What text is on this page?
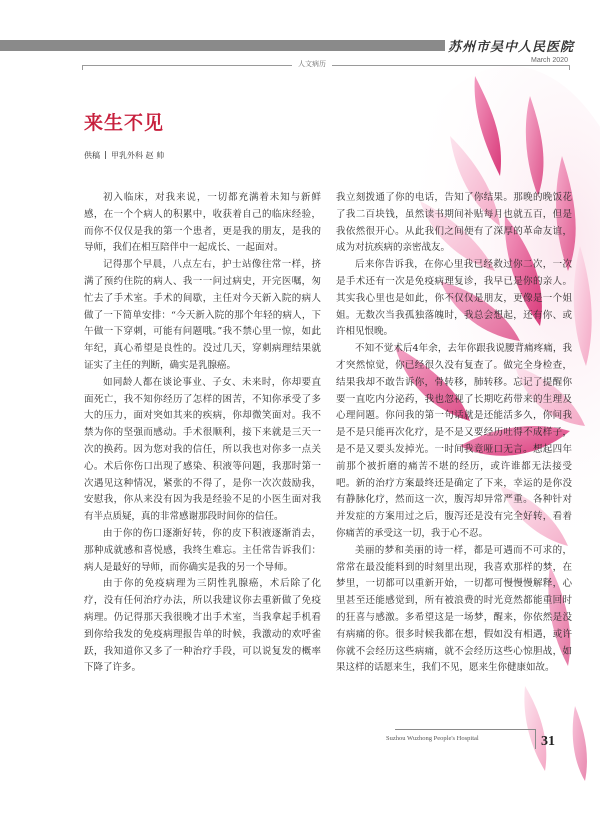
苏州市吴中人民医院
March 2020
人文病历
来生不见
供稿 甲乳外科 赵 帅

初入临床，对我来说，一切都充满着未知与新鲜感，在一个个病人的积累中，收获着自己的临床经验，而你不仅仅是我的第一个患者，更是我的朋友，是我的导师，我们在相互陪伴中一起成长、一起面对。

记得那个早晨，八点左右，护士站像往常一样，挤满了预约住院的病人、我一一问过病史，开完医嘱，匆忙去了手术室。手术的间歇，主任对今天新入院的病人做了一下简单安排：“今天新入院的那个年轻的病人，下午做一下穿刺，可能有问题哦。”我不禁心里一惊，如此年纪，真心希望是良性的。没过几天，穿刺病理结果就证实了主任的判断，确实是乳腺癌。

如同龄人都在谈论事业、子女、未来时，你却要直面死亡，我不知你经历了怎样的困苦，不知你承受了多大的压力，面对突如其来的疾病，你却微笑面对。我不禁为你的坚强而感动。手术很顺利，接下来就是三天一次的换药。因为您对我的信任，所以我也对你多一点关心。术后你伤口出现了感染、积液等问题，我那时第一次遇见这种情况，紧张的不得了，是你一次次鼓励我，安慰我，你从来没有因为我是经验不足的小医生面对我有半点质疑，真的非常感谢那段时间你的信任。

由于你的伤口逐渐好转，你的皮下积液逐渐消去，那种成就感和喜悦感，我终生难忘。主任常告诉我们：病人是最好的导师，而你确实是我的另一个导师。

由于你的免疫病理为三阴性乳腺癌，术后除了化疗，没有任何治疗办法，所以我建议你去重新做了免疫病理。仍记得那天我很晚才出手术室，当我拿起手机看到你给我发的免疫病理报告单的时候，我激动的欢呼雀跃，我知道你又多了一种治疗手段，可以说复发的概率下降了许多。

我立刻拨通了你的电话，告知了你结果。那晚的晚饭花了我二百块钱，虽然读书期间补贴每月也就五百，但是我依然很开心。从此我们之间便有了深厚的革命友谊，成为对抗疾病的亲密战友。

后来你告诉我，在你心里我已经救过你二次，一次是手术还有一次是免疫病理复诊，我早已是你的亲人。其实我心里也是如此，你不仅仅是朋友，更像是一个姐姐。无数次当我孤独落魄时，我总会想起，还有你、或许相见恨晚。

不知不觉术后4年余，去年你跟我说腰背痛疼痛，我才突然惊觉，你已经很久没有复查了。做完全身检查，结果我却不敢告诉你，骨转移，肺转移。忘记了提醒你要一直吃内分泌药，我也忽视了长期吃药带来的生理及心理问题。你问我的第一句话就是还能活多久，你问我是不是只能再次化疗，是不是又要经历吐得不成样子，是不是又要头发掉光。一时间我竟哑口无言。想起四年前那个被折磨的痛苦不堪的经历，或许谁都无法接受吧。新的治疗方案最终还是确定了下来，幸运的是你没有静脉化疗，然而这一次，腹泻却异常严重。各种针对并发症的方案用过之后，腹泻还是没有完全好转，看着你痛苦的承受这一切，我于心不忍。

美丽的梦和美丽的诗一样，都是可遇而不可求的，常常在最没能料到的时刻里出现，我喜欢那样的梦，在梦里，一切都可以重新开始，一切都可慢慢慢解释，心里甚至还能感觉到，所有被浪费的时光竟然都能重回时的狂喜与感激。多希望这是一场梦，醒来，你依然是没有病痛的你。很多时候我都在想，假如没有相遇，或许你就不会经历这些病痛，就不会经历这些心惊胆战，如果这样的话愿来生，我们不见，愿来生你健康如故。

Suzhou Wuzhong People's Hospital	31
